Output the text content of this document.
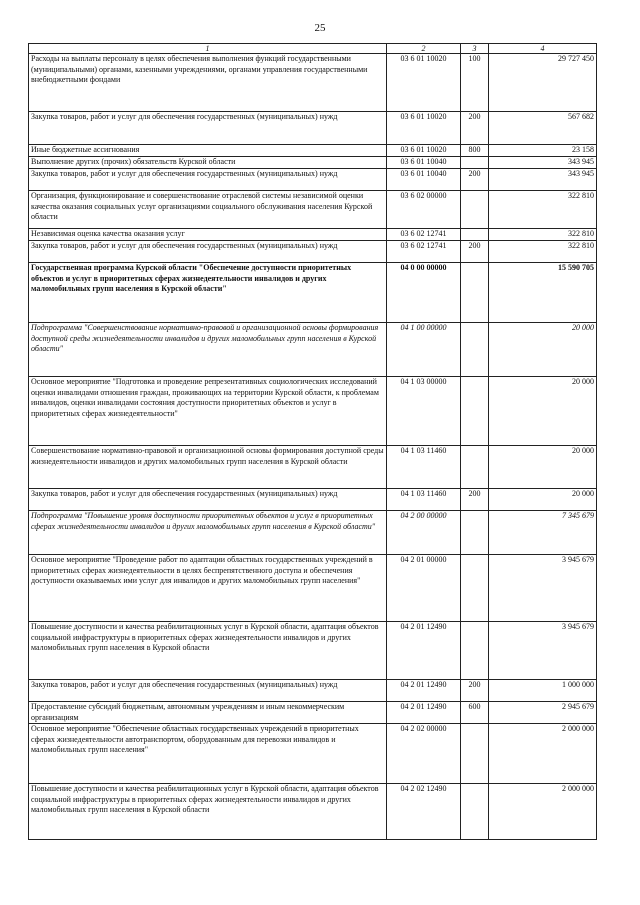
25
1	2	3	4
Расходы на выплаты персоналу в целях обеспечения выполнения функций государственными (муниципальными) органами, казенными учреждениями, органами управления государственными внебюджетными фондами	03 6 01 10020	100	29 727 450
Закупка товаров, работ и услуг для обеспечения государственных (муниципальных) нужд	03 6 01 10020	200	567 682
Иные бюджетные ассигнования	03 6 01 10020	800	23 158
Выполнение других (прочих) обязательств Курской области	03 6 01 10040		343 945
Закупка товаров, работ и услуг для обеспечения государственных (муниципальных) нужд	03 6 01 10040	200	343 945
Организация, функционирование и совершенствование отраслевой системы независимой оценки качества оказания социальных услуг организациями социального обслуживания населения Курской области	03 6 02 00000		322 810
Независимая оценка качества оказания услуг	03 6 02 12741		322 810
Закупка товаров, работ и услуг для обеспечения государственных (муниципальных) нужд	03 6 02 12741	200	322 810
Государственная программа Курской области "Обеспечение доступности приоритетных объектов и услуг в приоритетных сферах жизнедеятельности инвалидов и других маломобильных групп населения в Курской области"	04 0 00 00000		15 590 705
Подпрограмма "Совершенствование нормативно-правовой и организационной основы формирования доступной среды жизнедеятельности инвалидов и других маломобильных групп населения в Курской области"	04 1 00 00000		20 000
Основное мероприятие "Подготовка и проведение репрезентативных социологических исследований оценки инвалидами отношения граждан, проживающих на территории Курской области, к проблемам инвалидов, оценки инвалидами состояния доступности приоритетных объектов и услуг в приоритетных сферах жизнедеятельности"	04 1 03 00000		20 000
Совершенствование нормативно-правовой и организационной основы формирования доступной среды жизнедеятельности инвалидов и других маломобильных групп населения в Курской области	04 1 03 11460		20 000
Закупка товаров, работ и услуг для обеспечения государственных (муниципальных) нужд	04 1 03 11460	200	20 000
Подпрограмма "Повышение уровня доступности приоритетных объектов и услуг в приоритетных сферах жизнедеятельности инвалидов и других маломобильных групп населения в Курской области"	04 2 00 00000		7 345 679
Основное мероприятие "Проведение работ по адаптации областных государственных учреждений в приоритетных сферах жизнедеятельности в целях беспрепятственного доступа и обеспечения доступности оказываемых ими услуг для инвалидов и других маломобильных групп населения"	04 2 01 00000		3 945 679
Повышение доступности и качества реабилитационных услуг в Курской области, адаптация объектов социальной инфраструктуры в приоритетных сферах жизнедеятельности инвалидов и других маломобильных групп населения в Курской области	04 2 01 12490		3 945 679
Закупка товаров, работ и услуг для обеспечения государственных (муниципальных) нужд	04 2 01 12490	200	1 000 000
Предоставление субсидий бюджетным, автономным учреждениям и иным некоммерческим организациям	04 2 01 12490	600	2 945 679
Основное мероприятие "Обеспечение областных государственных учреждений в приоритетных сферах жизнедеятельности автотранспортом, оборудованным для перевозки инвалидов и маломобильных групп населения"	04 2 02 00000		2 000 000
Повышение доступности и качества реабилитационных услуг в Курской области, адаптация объектов социальной инфраструктуры в приоритетных сферах жизнедеятельности инвалидов и других маломобильных групп населения в Курской области	04 2 02 12490		2 000 000
